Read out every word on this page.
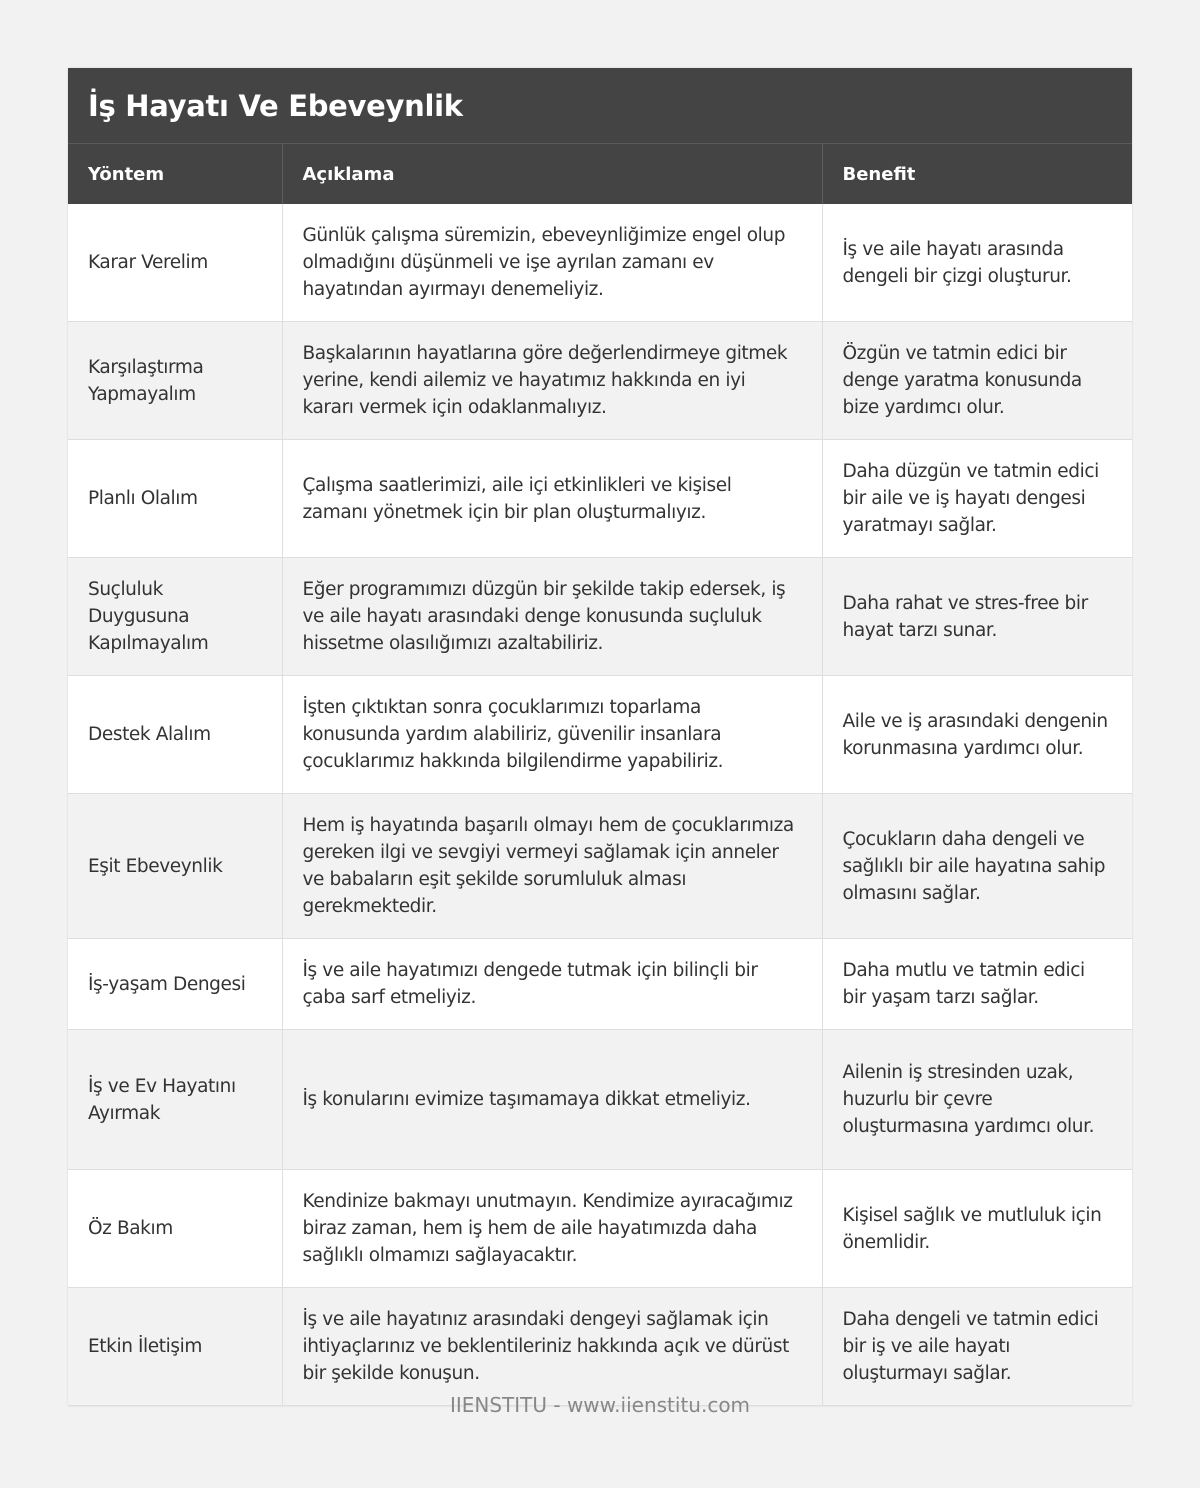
İş Hayatı Ve Ebeveynlik
Yöntem	Açıklama	Benefit
Karar Verelim	Günlük çalışma süremizin, ebeveynliğimize engel olup olmadığını düşünmeli ve işe ayrılan zamanı ev hayatından ayırmayı denemeliyiz.	İş ve aile hayatı arasında dengeli bir çizgi oluşturur.
Karşılaştırma Yapmayalım	Başkalarının hayatlarına göre değerlendirmeye gitmek yerine, kendi ailemiz ve hayatımız hakkında en iyi kararı vermek için odaklanmalıyız.	Özgün ve tatmin edici bir denge yaratma konusunda bize yardımcı olur.
Planlı Olalım	Çalışma saatlerimizi, aile içi etkinlikleri ve kişisel zamanı yönetmek için bir plan oluşturmalıyız.	Daha düzgün ve tatmin edici bir aile ve iş hayatı dengesi yaratmayı sağlar.
Suçluluk Duygusuna Kapılmayalım	Eğer programımızı düzgün bir şekilde takip edersek, iş ve aile hayatı arasındaki denge konusunda suçluluk hissetme olasılığımızı azaltabiliriz.	Daha rahat ve stres-free bir hayat tarzı sunar.
Destek Alalım	İşten çıktıktan sonra çocuklarımızı toparlama konusunda yardım alabiliriz, güvenilir insanlara çocuklarımız hakkında bilgilendirme yapabiliriz.	Aile ve iş arasındaki dengenin korunmasına yardımcı olur.
Eşit Ebeveynlik	Hem iş hayatında başarılı olmayı hem de çocuklarımıza gereken ilgi ve sevgiyi vermeyi sağlamak için anneler ve babaların eşit şekilde sorumluluk alması gerekmektedir.	Çocukların daha dengeli ve sağlıklı bir aile hayatına sahip olmasını sağlar.
İş-yaşam Dengesi	İş ve aile hayatımızı dengede tutmak için bilinçli bir çaba sarf etmeliyiz.	Daha mutlu ve tatmin edici bir yaşam tarzı sağlar.
İş ve Ev Hayatını Ayırmak	İş konularını evimize taşımamaya dikkat etmeliyiz.	Ailenin iş stresinden uzak, huzurlu bir çevre oluşturmasına yardımcı olur.
Öz Bakım	Kendinize bakmayı unutmayın. Kendimize ayıracağımız biraz zaman, hem iş hem de aile hayatımızda daha sağlıklı olmamızı sağlayacaktır.	Kişisel sağlık ve mutluluk için önemlidir.
Etkin İletişim	İş ve aile hayatınız arasındaki dengeyi sağlamak için ihtiyaçlarınız ve beklentileriniz hakkında açık ve dürüst bir şekilde konuşun.	Daha dengeli ve tatmin edici bir iş ve aile hayatı oluşturmayı sağlar.
IIENSTITU - www.iienstitu.com
